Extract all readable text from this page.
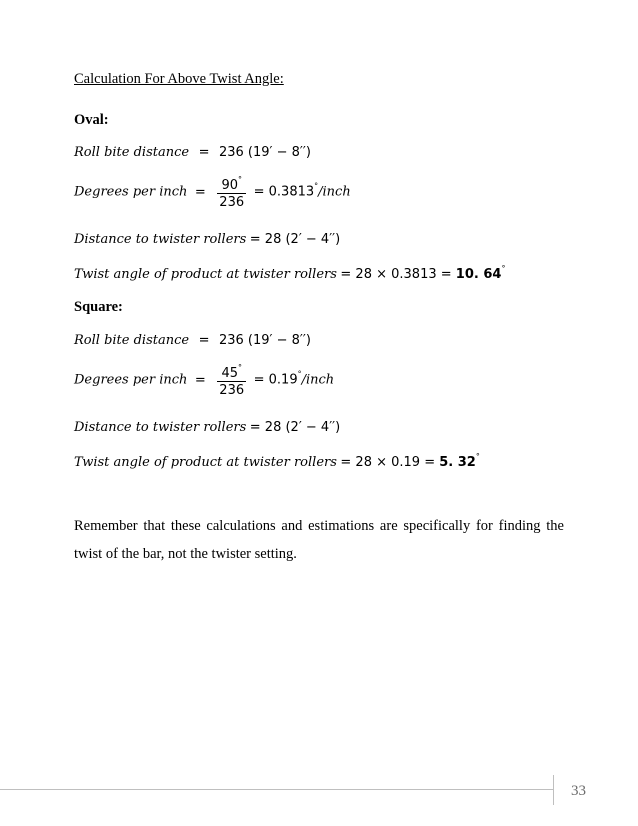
Calculation For Above Twist Angle:
Oval:
Roll bite distance = 236 (19′ − 8′′)
Degrees per inch = $\frac{90^\circ}{236}$ = 0.3813°/inch
Distance to twister rollers = 28 (2′ − 4′′)
Twist angle of product at twister rollers = 28 × 0.3813 = 10. 64°
Square:
Roll bite distance = 236 (19′ − 8′′)
Degrees per inch = $\frac{45^\circ}{236}$ = 0.19°/inch
Distance to twister rollers = 28 (2′ − 4′′)
Twist angle of product at twister rollers = 28 × 0.19 = 5. 32°
Remember that these calculations and estimations are specifically for finding the twist of the bar, not the twister setting.
33
